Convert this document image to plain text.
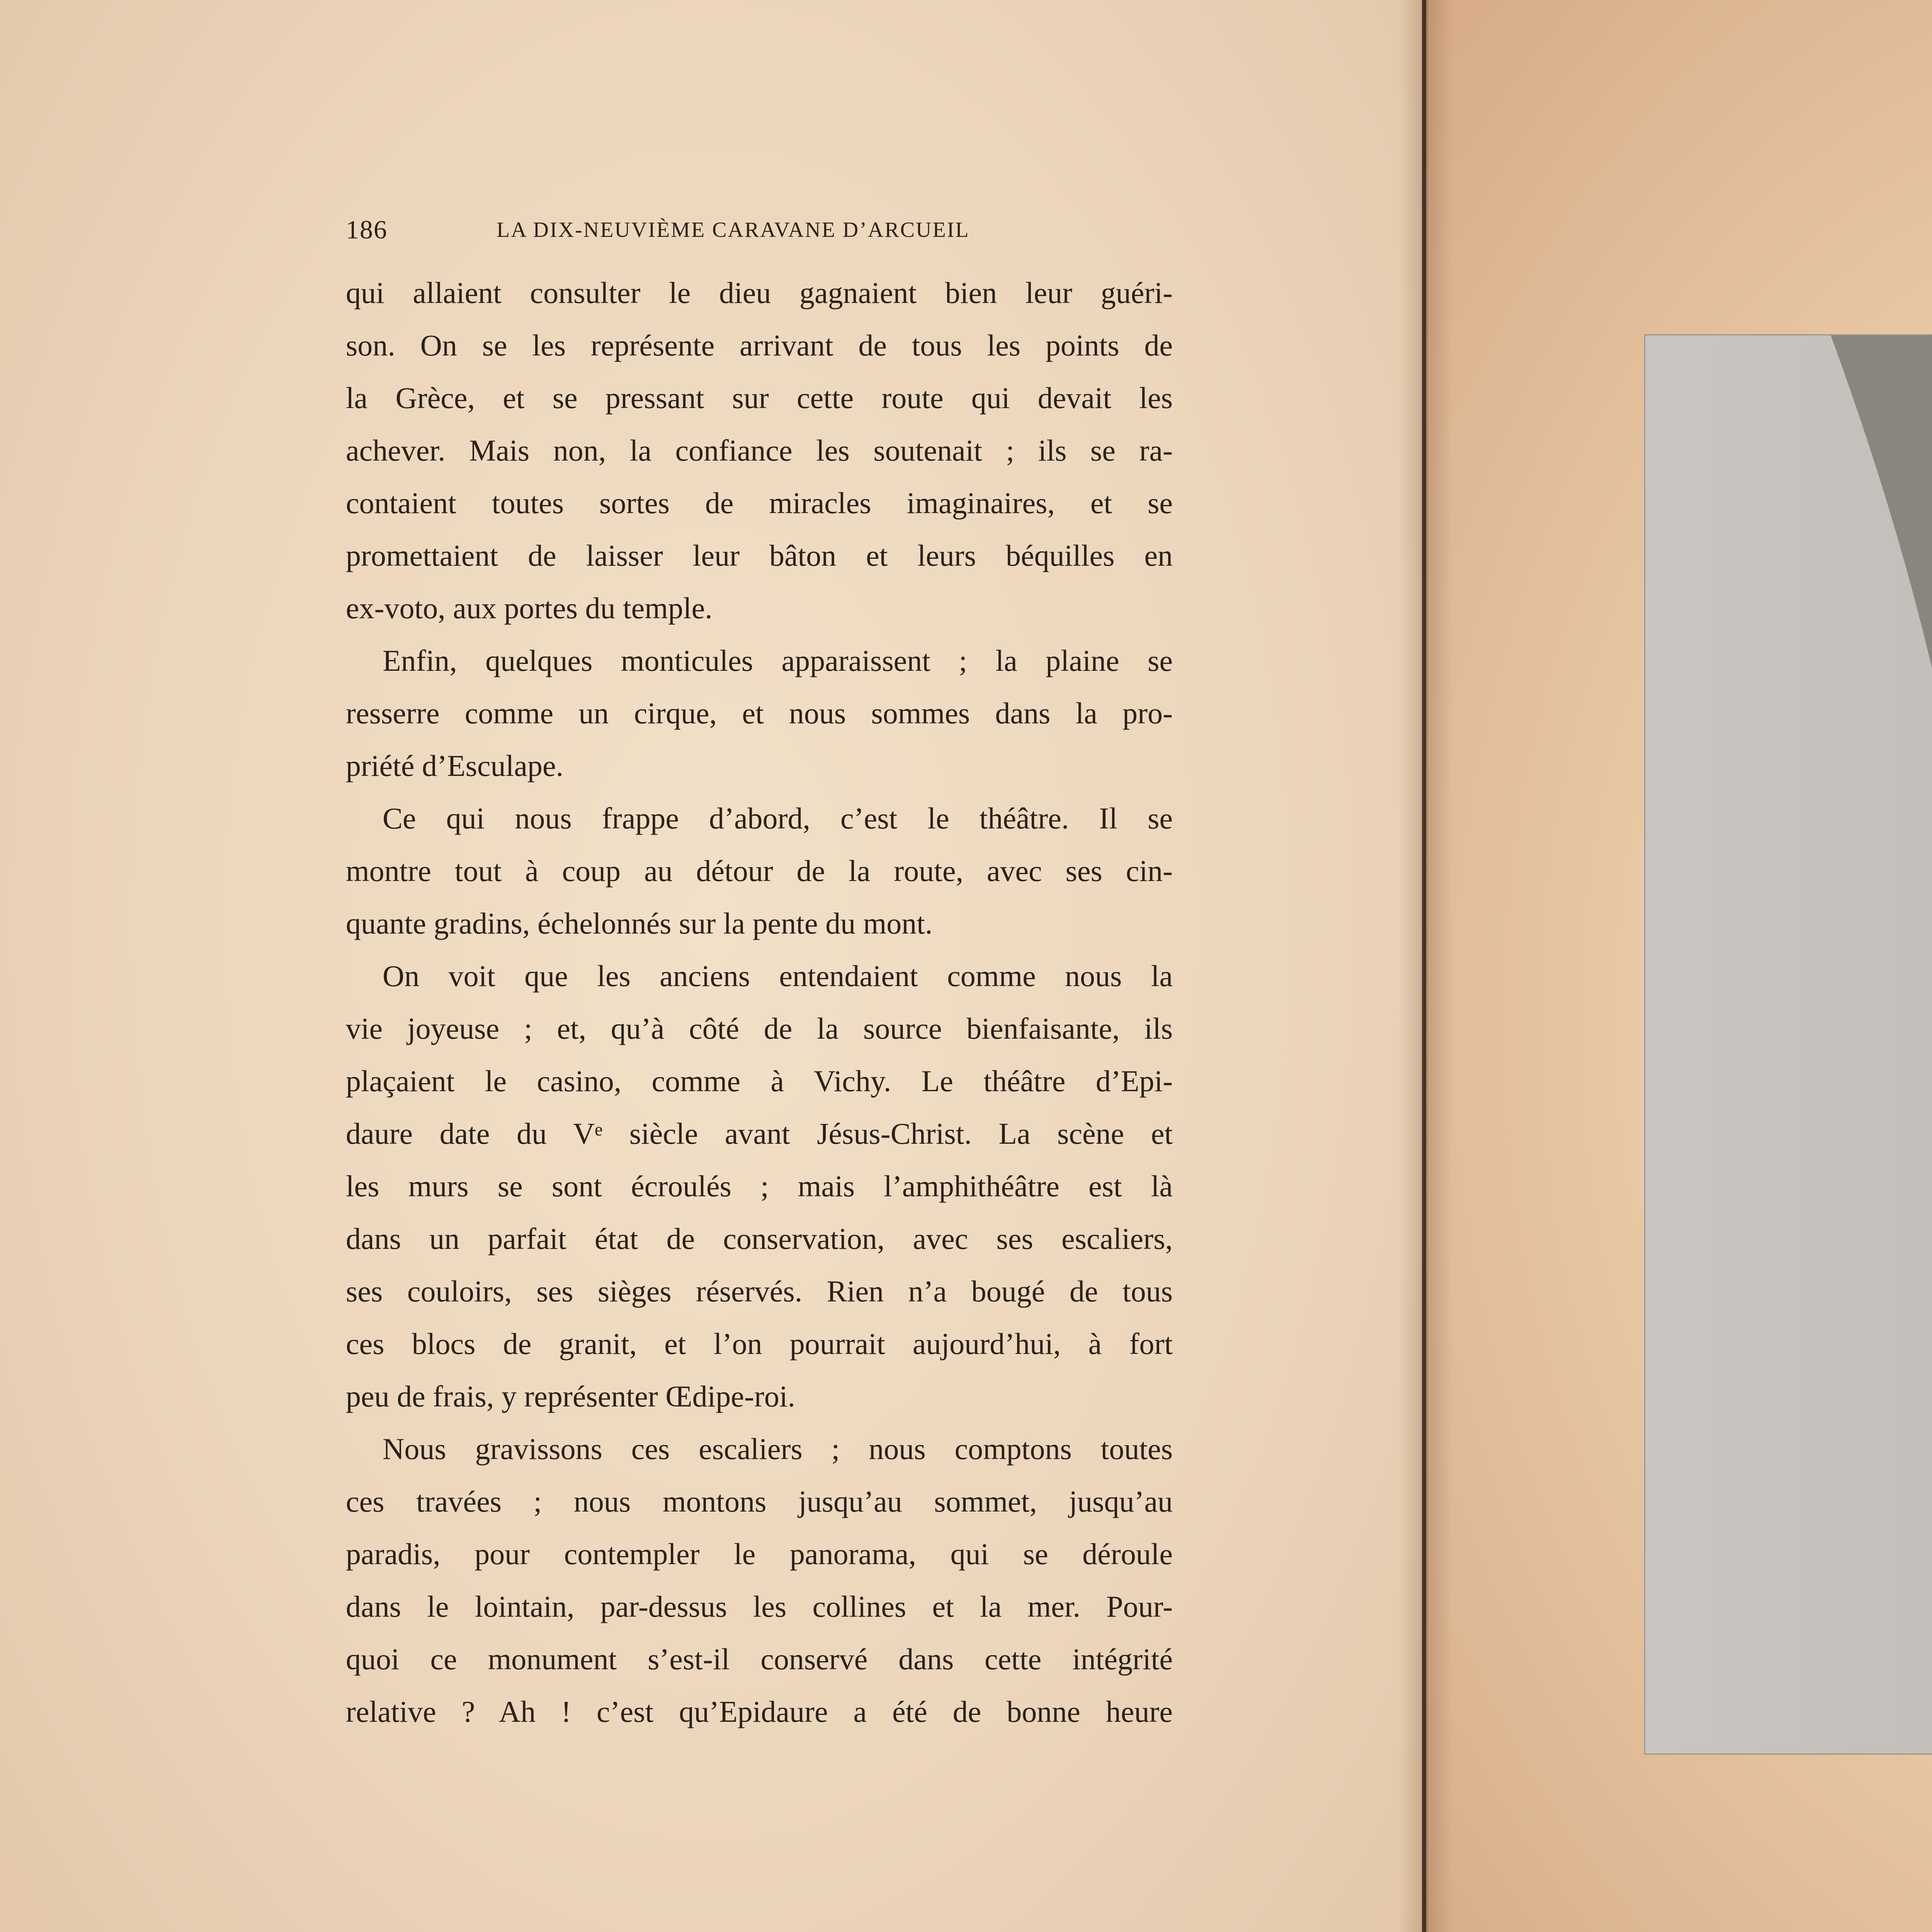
186	LA DIX-NEUVIÈME CARAVANE D’ARCUEIL
qui allaient consulter le dieu gagnaient bien leur guéri-
son. On se les représente arrivant de tous les points de
la Grèce, et se pressant sur cette route qui devait les
achever. Mais non, la confiance les soutenait ; ils se ra-
contaient toutes sortes de miracles imaginaires, et se
promettaient de laisser leur bâton et leurs béquilles en
ex-voto, aux portes du temple.
Enfin, quelques monticules apparaissent ; la plaine se
resserre comme un cirque, et nous sommes dans la pro-
priété d’Esculape.
Ce qui nous frappe d’abord, c’est le théâtre. Il se
montre tout à coup au détour de la route, avec ses cin-
quante gradins, échelonnés sur la pente du mont.
On voit que les anciens entendaient comme nous la
vie joyeuse ; et, qu’à côté de la source bienfaisante, ils
plaçaient le casino, comme à Vichy. Le théâtre d’Epi-
daure date du Vᵉ siècle avant Jésus-Christ. La scène et
les murs se sont écroulés ; mais l’amphithéâtre est là
dans un parfait état de conservation, avec ses escaliers,
ses couloirs, ses sièges réservés. Rien n’a bougé de tous
ces blocs de granit, et l’on pourrait aujourd’hui, à fort
peu de frais, y représenter Œdipe-roi.
Nous gravissons ces escaliers ; nous comptons toutes
ces travées ; nous montons jusqu’au sommet, jusqu’au
paradis, pour contempler le panorama, qui se déroule
dans le lointain, par-dessus les collines et la mer. Pour-
quoi ce monument s’est-il conservé dans cette intégrité
relative ? Ah ! c’est qu’Epidaure a été de bonne heure
